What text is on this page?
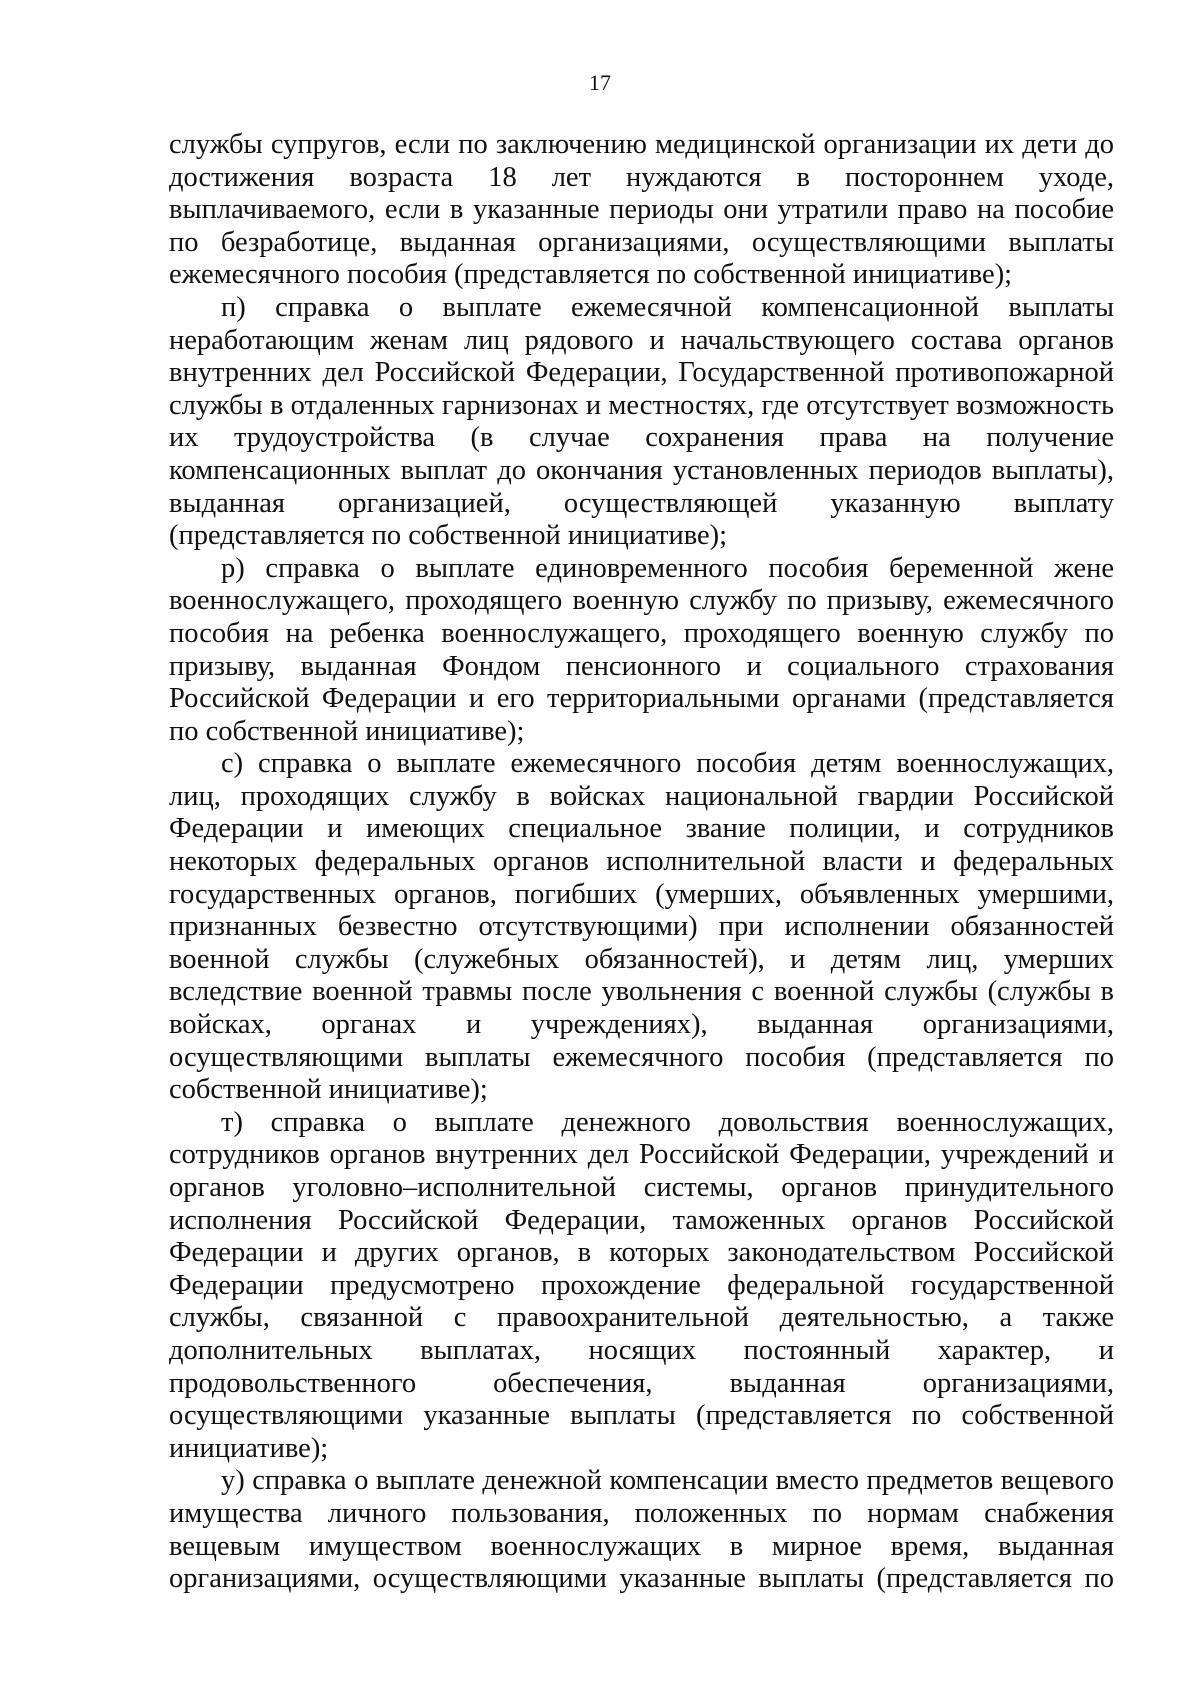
17
службы супругов, если по заключению медицинской организации их дети до
достижения возраста 18 лет нуждаются в постороннем уходе,
выплачиваемого, если в указанные периоды они утратили право на пособие
по безработице, выданная организациями, осуществляющими выплаты
ежемесячного пособия (представляется по собственной инициативе);
п) справка о выплате ежемесячной компенсационной выплаты
неработающим женам лиц рядового и начальствующего состава органов
внутренних дел Российской Федерации, Государственной противопожарной
службы в отдаленных гарнизонах и местностях, где отсутствует возможность
их трудоустройства (в случае сохранения права на получение
компенсационных выплат до окончания установленных периодов выплаты),
выданная организацией, осуществляющей указанную выплату
(представляется по собственной инициативе);
р) справка о выплате единовременного пособия беременной жене
военнослужащего, проходящего военную службу по призыву, ежемесячного
пособия на ребенка военнослужащего, проходящего военную службу по
призыву, выданная Фондом пенсионного и социального страхования
Российской Федерации и его территориальными органами (представляется
по собственной инициативе);
с) справка о выплате ежемесячного пособия детям военнослужащих,
лиц, проходящих службу в войсках национальной гвардии Российской
Федерации и имеющих специальное звание полиции, и сотрудников
некоторых федеральных органов исполнительной власти и федеральных
государственных органов, погибших (умерших, объявленных умершими,
признанных безвестно отсутствующими) при исполнении обязанностей
военной службы (служебных обязанностей), и детям лиц, умерших
вследствие военной травмы после увольнения с военной службы (службы в
войсках, органах и учреждениях), выданная организациями,
осуществляющими выплаты ежемесячного пособия (представляется по
собственной инициативе);
т) справка о выплате денежного довольствия военнослужащих,
сотрудников органов внутренних дел Российской Федерации, учреждений и
органов уголовно–исполнительной системы, органов принудительного
исполнения Российской Федерации, таможенных органов Российской
Федерации и других органов, в которых законодательством Российской
Федерации предусмотрено прохождение федеральной государственной
службы, связанной с правоохранительной деятельностью, а также
дополнительных выплатах, носящих постоянный характер, и
продовольственного обеспечения, выданная организациями,
осуществляющими указанные выплаты (представляется по собственной
инициативе);
у) справка о выплате денежной компенсации вместо предметов вещевого
имущества личного пользования, положенных по нормам снабжения
вещевым имуществом военнослужащих в мирное время, выданная
организациями, осуществляющими указанные выплаты (представляется по
